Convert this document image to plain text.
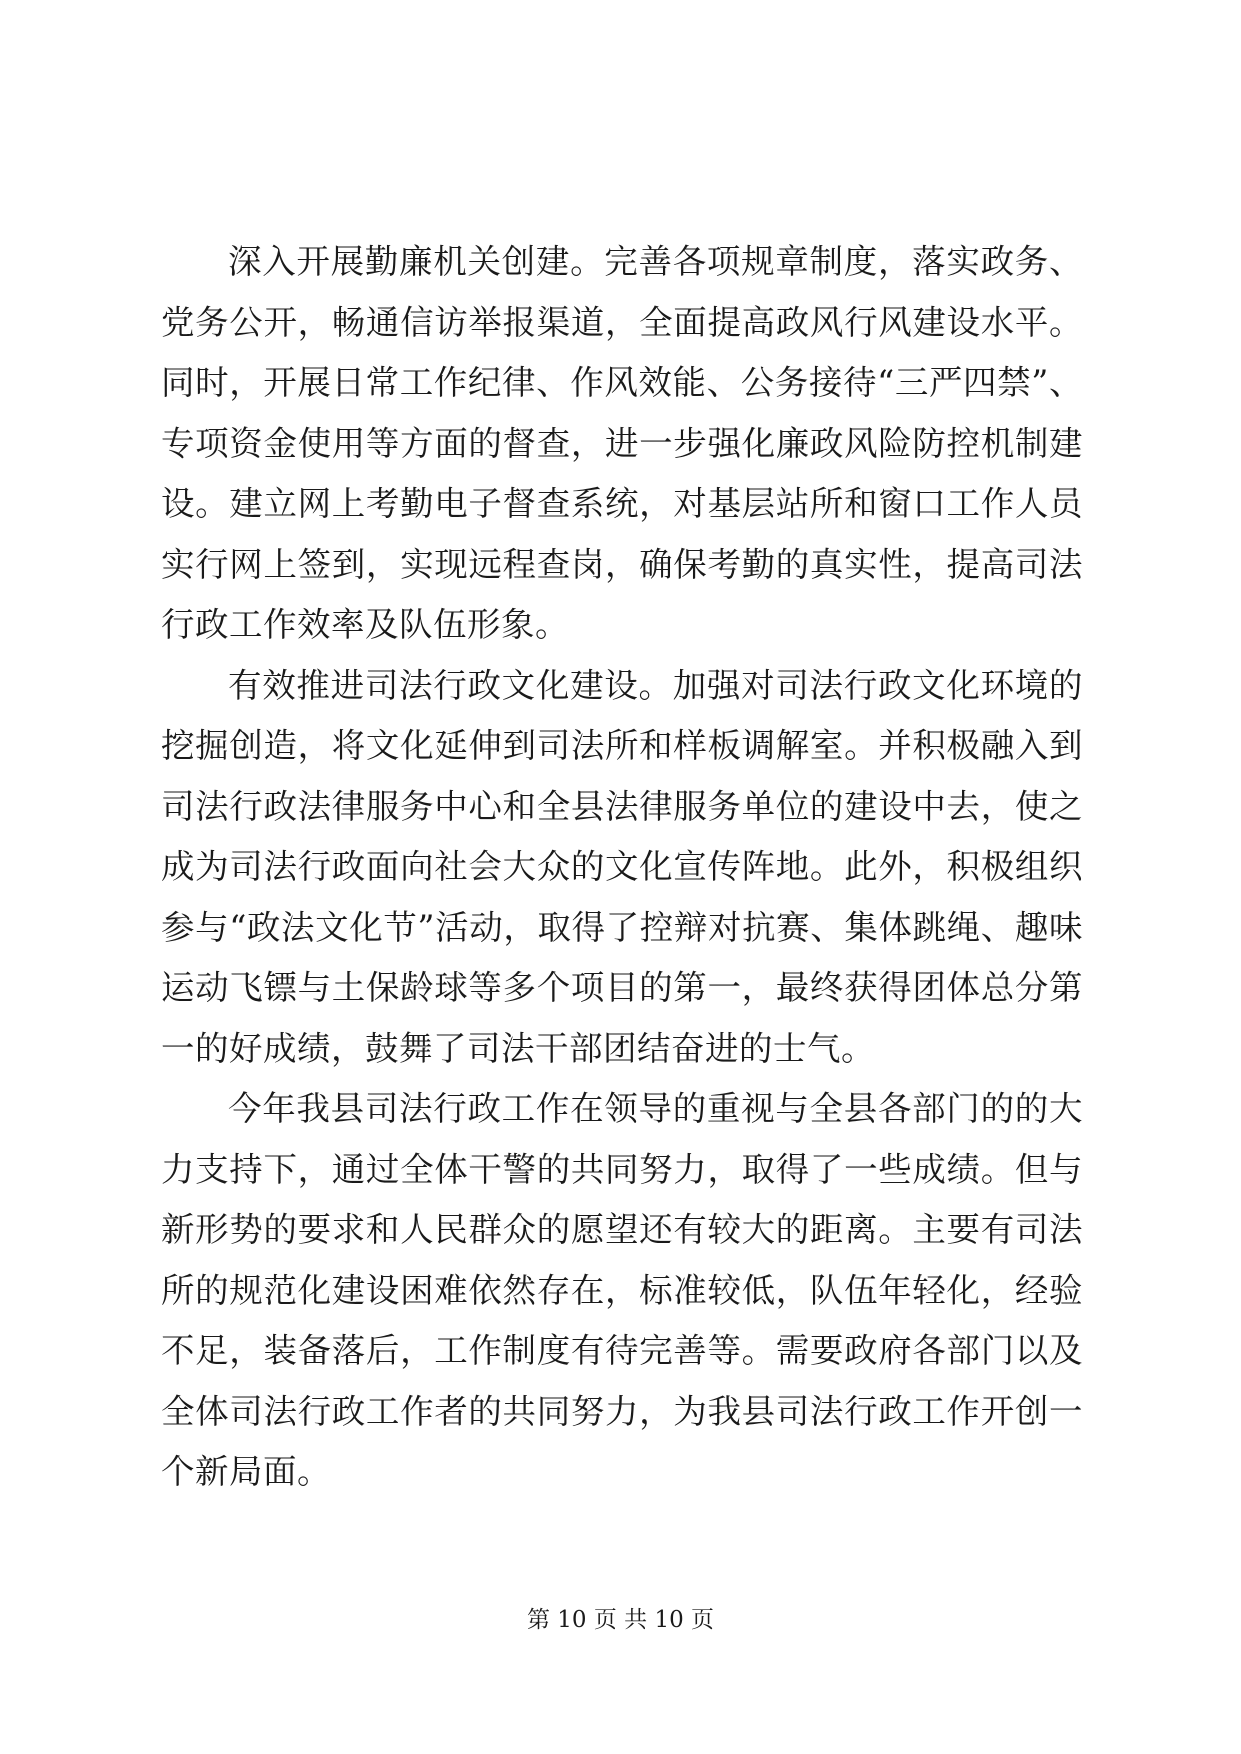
深入开展勤廉机关创建。完善各项规章制度，落实政务、党务公开，畅通信访举报渠道，全面提高政风行风建设水平。同时，开展日常工作纪律、作风效能、公务接待“三严四禁”、专项资金使用等方面的督查，进一步强化廉政风险防控机制建设。建立网上考勤电子督查系统，对基层站所和窗口工作人员实行网上签到，实现远程查岗，确保考勤的真实性，提高司法行政工作效率及队伍形象。

有效推进司法行政文化建设。加强对司法行政文化环境的挖掘创造，将文化延伸到司法所和样板调解室。并积极融入到司法行政法律服务中心和全县法律服务单位的建设中去，使之成为司法行政面向社会大众的文化宣传阵地。此外，积极组织参与“政法文化节”活动，取得了控辩对抗赛、集体跳绳、趣味运动飞镖与土保龄球等多个项目的第一，最终获得团体总分第一的好成绩，鼓舞了司法干部团结奋进的士气。

今年我县司法行政工作在领导的重视与全县各部门的的大力支持下，通过全体干警的共同努力，取得了一些成绩。但与新形势的要求和人民群众的愿望还有较大的距离。主要有司法所的规范化建设困难依然存在，标准较低，队伍年轻化，经验不足，装备落后，工作制度有待完善等。需要政府各部门以及全体司法行政工作者的共同努力，为我县司法行政工作开创一个新局面。

第 10 页 共 10 页
